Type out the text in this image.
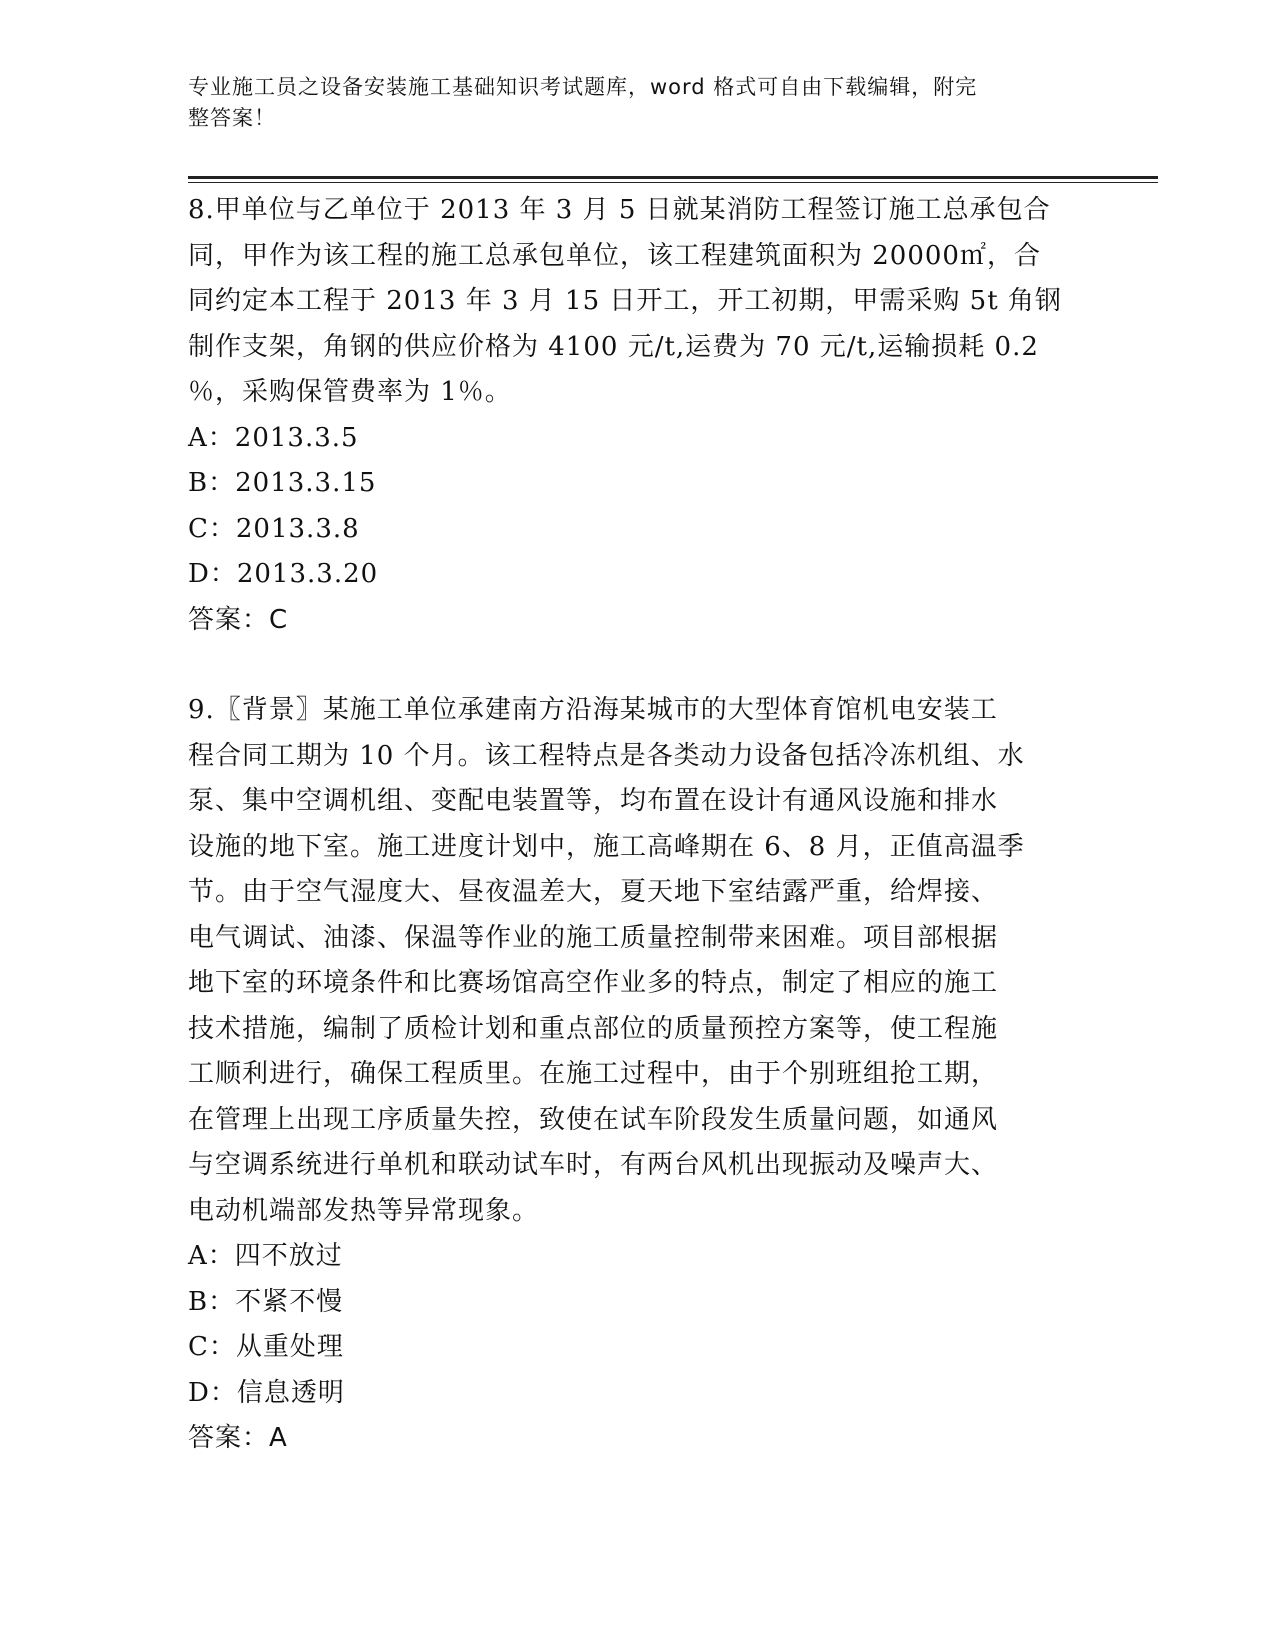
专业施工员之设备安装施工基础知识考试题库，word 格式可自由下载编辑，附完
整答案！
8.甲单位与乙单位于 2013 年 3 月 5 日就某消防工程签订施工总承包合
同，甲作为该工程的施工总承包单位，该工程建筑面积为 20000㎡，合
同约定本工程于 2013 年 3 月 15 日开工，开工初期，甲需采购 5t 角钢
制作支架，角钢的供应价格为 4100 元/t,运费为 70 元/t,运输损耗 0.2
％，采购保管费率为 1％。
A：2013.3.5
B：2013.3.15
C：2013.3.8
D：2013.3.20
答案：C
9.〖背景〗某施工单位承建南方沿海某城市的大型体育馆机电安装工
程合同工期为 10 个月。该工程特点是各类动力设备包括冷冻机组、水
泵、集中空调机组、变配电装置等，均布置在设计有通风设施和排水
设施的地下室。施工进度计划中，施工高峰期在 6、8 月，正值高温季
节。由于空气湿度大、昼夜温差大，夏天地下室结露严重，给焊接、
电气调试、油漆、保温等作业的施工质量控制带来困难。项目部根据
地下室的环境条件和比赛场馆高空作业多的特点，制定了相应的施工
技术措施，编制了质检计划和重点部位的质量预控方案等，使工程施
工顺利进行，确保工程质里。在施工过程中，由于个别班组抢工期，
在管理上出现工序质量失控，致使在试车阶段发生质量问题，如通风
与空调系统进行单机和联动试车时，有两台风机出现振动及噪声大、
电动机端部发热等异常现象。
A：四不放过
B：不紧不慢
C：从重处理
D：信息透明
答案：A
